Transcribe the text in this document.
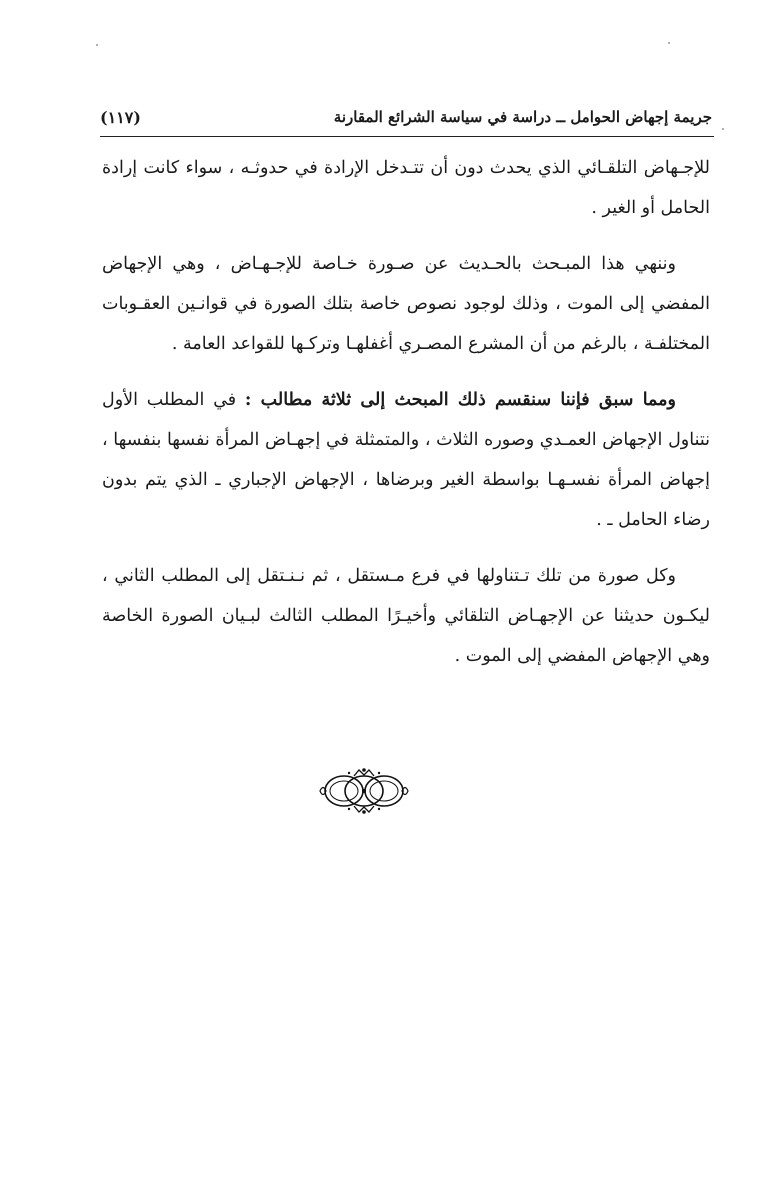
جريمة إجهاض الحوامل ــ دراسة في سياسة الشرائع المقارنة
(١١٧)

للإجـهاض التلقـائي الذي يحدث دون أن تتـدخل الإرادة في حدوثـه ، سواء كانت إرادة الحامل أو الغير .

وننهي هذا المبـحث بالحـديث عن صـورة خـاصة للإجـهـاض ، وهي الإجهاض المفضي إلى الموت ، وذلك لوجود نصوص خاصة بتلك الصورة في قوانـين العقـوبات المختلفـة ، بالرغم من أن المشرع المصـري أغفلهـا وتركـها للقواعد العامة .

ومما سبق فإننا سنقسم ذلك المبحث إلى ثلاثة مطالب : في المطلب الأول نتناول الإجهاض العمـدي وصوره الثلاث ، والمتمثلة في إجهـاض المرأة نفسها بنفسها ، إجهاض المرأة نفسـهـا بواسطة الغير وبرضاها ، الإجهاض الإجباري ـ الذي يتم بدون رضاء الحامل ـ .

وكل صورة من تلك تـتناولها في فرع مـستقل ، ثم نـنـتقل إلى المطلب الثاني ، ليكـون حديثنا عن الإجهـاض التلقائي وأخيـرًا المطلب الثالث لبـيان الصورة الخاصة وهي الإجهاض المفضي إلى الموت .
